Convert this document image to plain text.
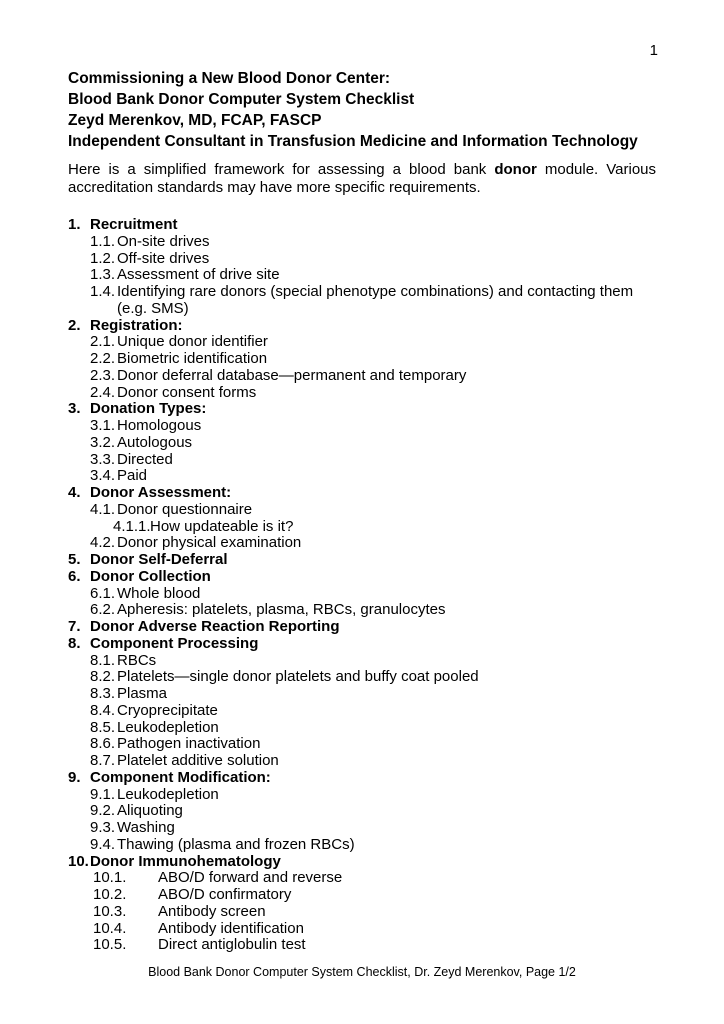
1
Commissioning a New Blood Donor Center:
Blood Bank Donor Computer System Checklist
Zeyd Merenkov, MD, FCAP, FASCP
Independent Consultant in Transfusion Medicine and Information Technology

Here is a simplified framework for assessing a blood bank donor module. Various accreditation standards may have more specific requirements.

1. Recruitment
1.1. On-site drives
1.2. Off-site drives
1.3. Assessment of drive site
1.4. Identifying rare donors (special phenotype combinations) and contacting them (e.g. SMS)
2. Registration:
2.1. Unique donor identifier
2.2. Biometric identification
2.3. Donor deferral database—permanent and temporary
2.4. Donor consent forms
3. Donation Types:
3.1. Homologous
3.2. Autologous
3.3. Directed
3.4. Paid
4. Donor Assessment:
4.1. Donor questionnaire
4.1.1. How updateable is it?
4.2. Donor physical examination
5. Donor Self-Deferral
6. Donor Collection
6.1. Whole blood
6.2. Apheresis: platelets, plasma, RBCs, granulocytes
7. Donor Adverse Reaction Reporting
8. Component Processing
8.1. RBCs
8.2. Platelets—single donor platelets and buffy coat pooled
8.3. Plasma
8.4. Cryoprecipitate
8.5. Leukodepletion
8.6. Pathogen inactivation
8.7. Platelet additive solution
9. Component Modification:
9.1. Leukodepletion
9.2. Aliquoting
9.3. Washing
9.4. Thawing (plasma and frozen RBCs)
10. Donor Immunohematology
10.1. ABO/D forward and reverse
10.2. ABO/D confirmatory
10.3. Antibody screen
10.4. Antibody identification
10.5. Direct antiglobulin test
Blood Bank Donor Computer System Checklist, Dr. Zeyd Merenkov, Page 1/2
